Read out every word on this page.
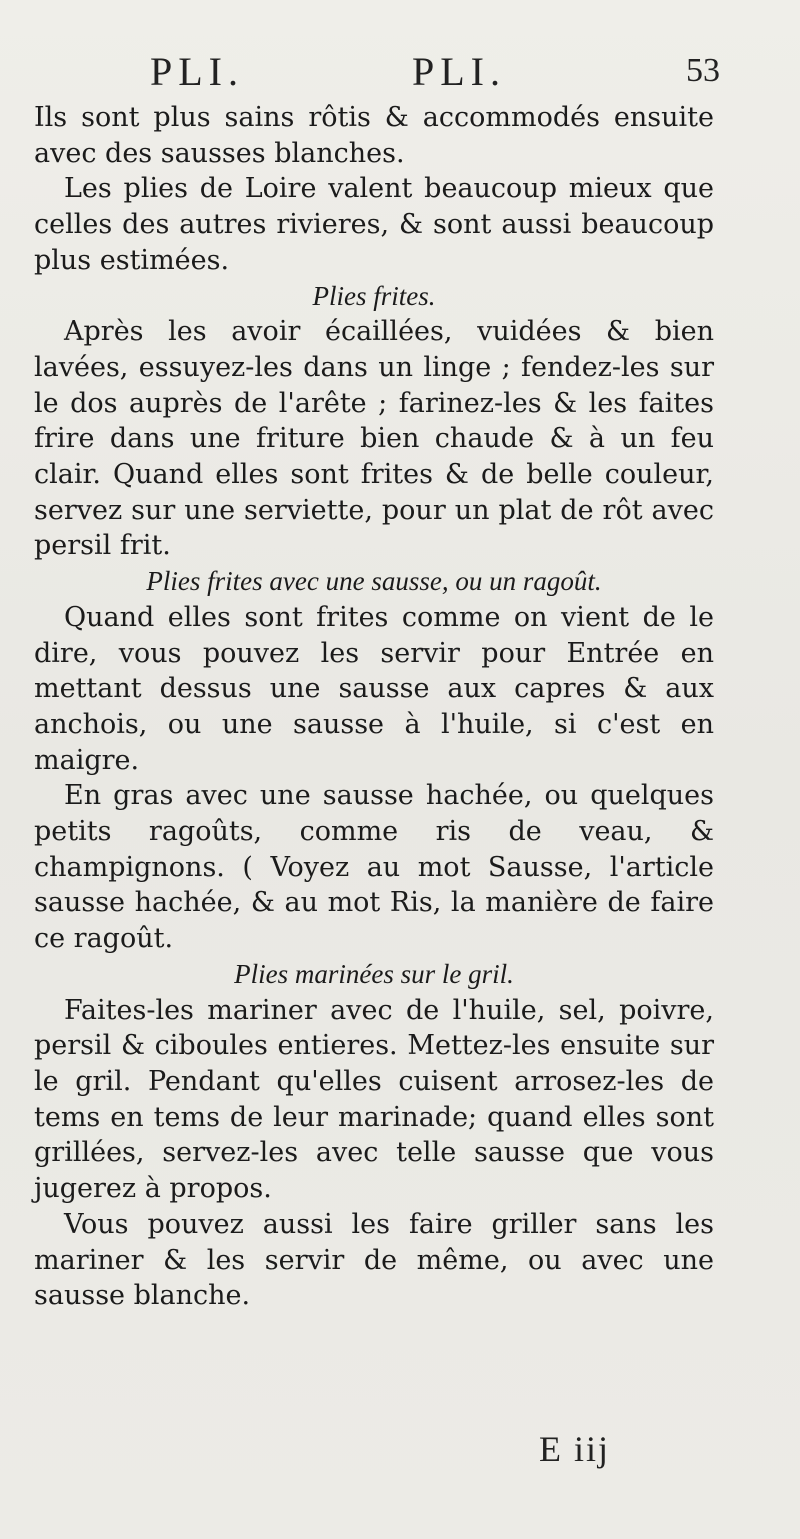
PLI.	PLI.	53

Ils sont plus sains rôtis & accommodés ensuite avec des sausses blanches.

Les plies de Loire valent beaucoup mieux que celles des autres rivieres, & sont aussi beaucoup plus estimées.

Plies frites.

Après les avoir écaillées, vuidées & bien lavées, essuyez-les dans un linge ; fendez-les sur le dos auprès de l'arête ; farinez-les & les faites frire dans une friture bien chaude & à un feu clair. Quand elles sont frites & de belle couleur, servez sur une serviette, pour un plat de rôt avec persil frit.

Plies frites avec une sausse, ou un ragoût.

Quand elles sont frites comme on vient de le dire, vous pouvez les servir pour Entrée en mettant dessus une sausse aux capres & aux anchois, ou une sausse à l'huile, si c'est en maigre.

En gras avec une sausse hachée, ou quelques petits ragoûts, comme ris de veau, & champignons. ( Voyez au mot Sausse, l'article sausse hachée, & au mot Ris, la manière de faire ce ragoût.

Plies marinées sur le gril.

Faites-les mariner avec de l'huile, sel, poivre, persil & ciboules entieres. Mettez-les ensuite sur le gril. Pendant qu'elles cuisent arrosez-les de tems en tems de leur marinade; quand elles sont grillées, servez-les avec telle sausse que vous jugerez à propos.

Vous pouvez aussi les faire griller sans les mariner & les servir de même, ou avec une sausse blanche.

E iij
